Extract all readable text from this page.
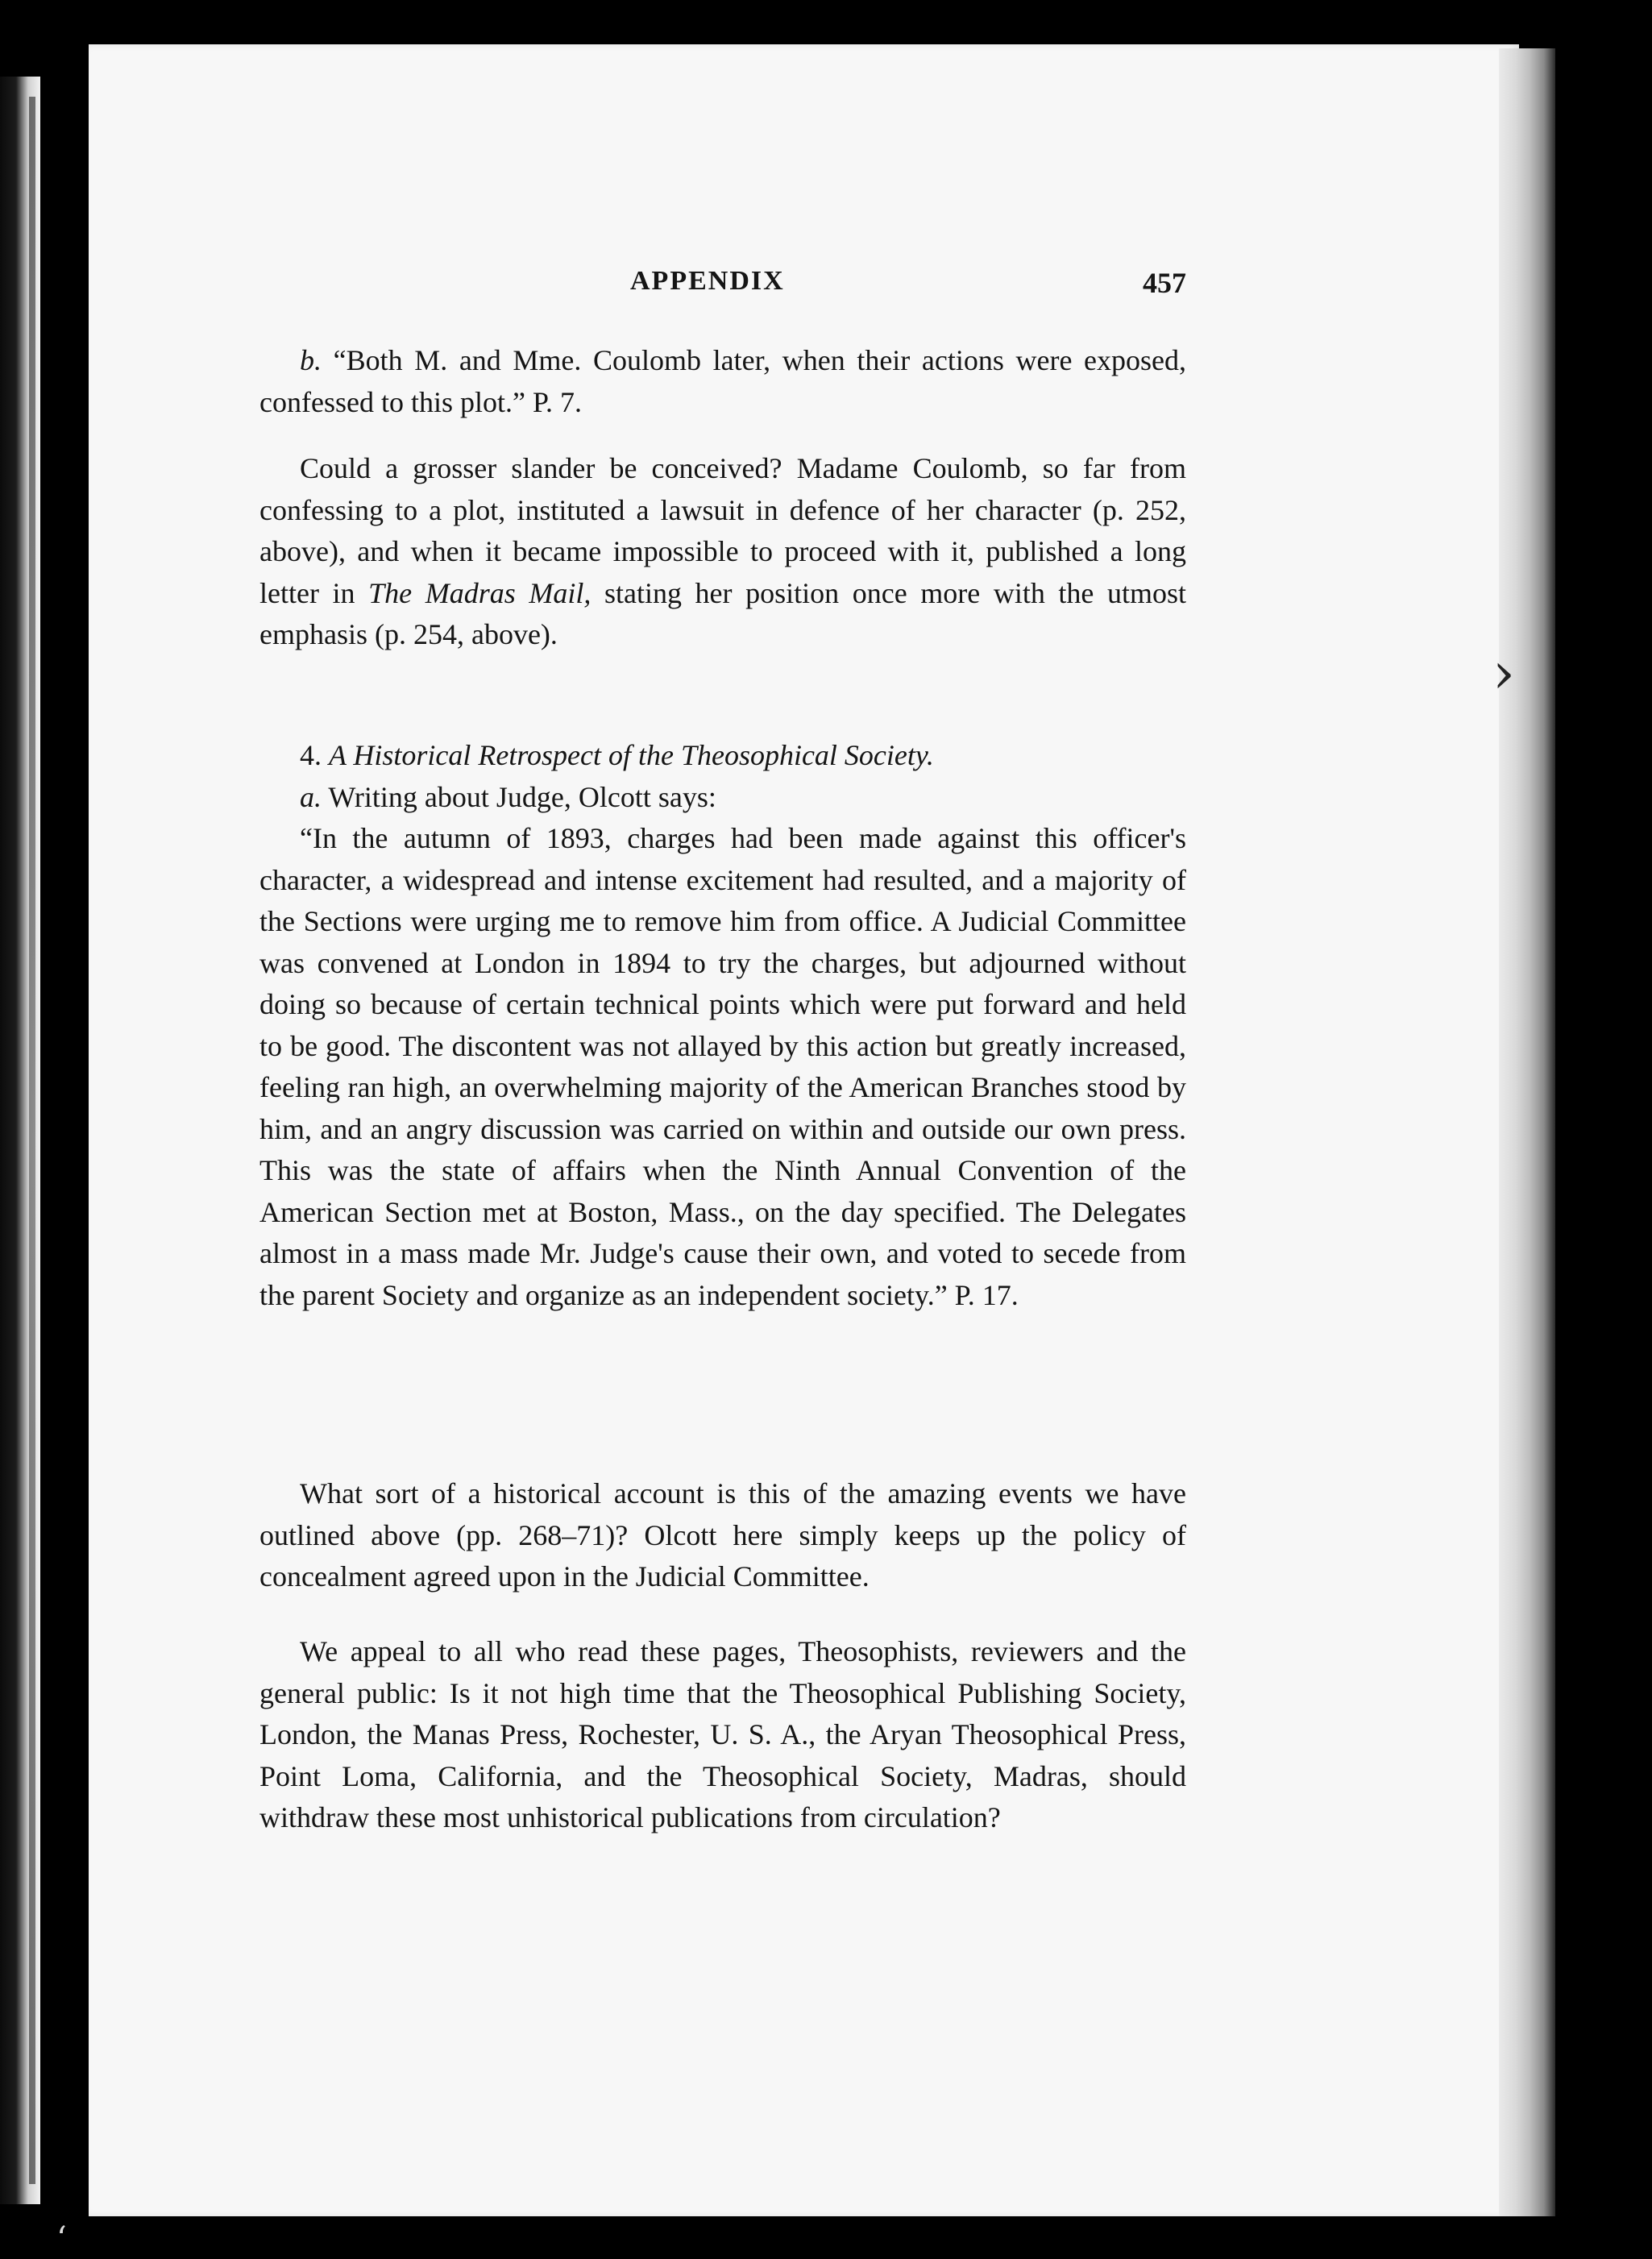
›
APPENDIX	457

b. “Both M. and Mme. Coulomb later, when their actions were exposed, confessed to this plot.” P. 7.

Could a grosser slander be conceived? Madame Coulomb, so far from confessing to a plot, instituted a lawsuit in defence of her character (p. 252, above), and when it became impossible to proceed with it, published a long letter in The Madras Mail, stating her position once more with the utmost emphasis (p. 254, above).

4. A Historical Retrospect of the Theosophical Society.

a. Writing about Judge, Olcott says:

“In the autumn of 1893, charges had been made against this officer's character, a widespread and intense excitement had resulted, and a majority of the Sections were urging me to remove him from office. A Judicial Committee was convened at London in 1894 to try the charges, but adjourned without doing so because of certain technical points which were put forward and held to be good. The discontent was not allayed by this action but greatly increased, feeling ran high, an overwhelming majority of the American Branches stood by him, and an angry discussion was carried on within and outside our own press. This was the state of affairs when the Ninth Annual Convention of the American Section met at Boston, Mass., on the day specified. The Delegates almost in a mass made Mr. Judge's cause their own, and voted to secede from the parent Society and organize as an independent society.” P. 17.

What sort of a historical account is this of the amazing events we have outlined above (pp. 268–71)? Olcott here simply keeps up the policy of concealment agreed upon in the Judicial Committee.

We appeal to all who read these pages, Theosophists, reviewers and the general public: Is it not high time that the Theosophical Publishing Society, London, the Manas Press, Rochester, U. S. A., the Aryan Theosophical Press, Point Loma, California, and the Theosophical Society, Madras, should withdraw these most unhistorical publications from circulation?

‘
